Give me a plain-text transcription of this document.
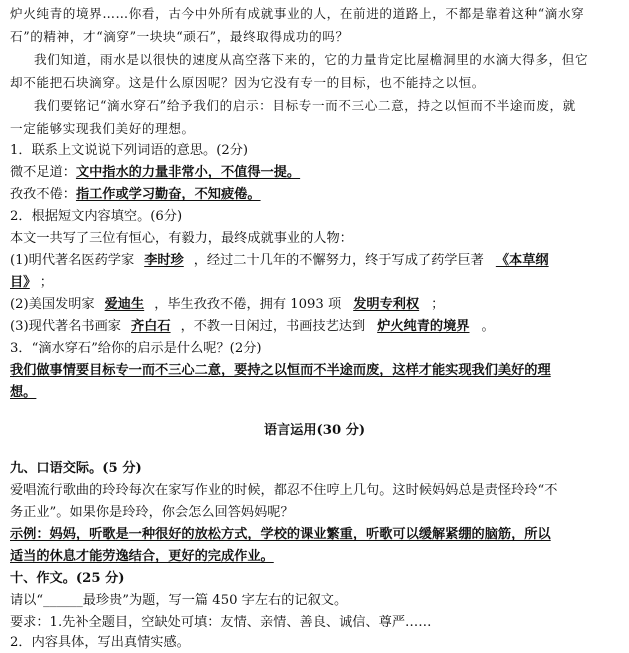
炉火纯青的境界……你看，古今中外所有成就事业的人，在前进的道路上，不都是靠着这种“滴水穿
石”的精神，才“滴穿”一块块“顽石”，最终取得成功的吗？
我们知道，雨水是以很快的速度从高空落下来的，它的力量肯定比屋檐洞里的水滴大得多，但它
却不能把石块滴穿。这是什么原因呢？因为它没有专一的目标，也不能持之以恒。
我们要铭记“滴水穿石”给予我们的启示：目标专一而不三心二意，持之以恒而不半途而废，就
一定能够实现我们美好的理想。
1．联系上文说说下列词语的意思。(2分)
微不足道：文中指水的力量非常小，不值得一提。
孜孜不倦：指工作或学习勤奋，不知疲倦。
2．根据短文内容填空。(6分)
本文一共写了三位有恒心，有毅力，最终成就事业的人物：
(1)明代著名医药学家 李时珍 ，经过二十几年的不懈努力，终于写成了药学巨著 《本草纲
目》 ；
(2)美国发明家 爱迪生 ，毕生孜孜不倦，拥有 1093 项 发明专利权 ；
(3)现代著名书画家 齐白石 ，不教一日闲过，书画技艺达到 炉火纯青的境界 。
3．“滴水穿石”给你的启示是什么呢？(2分)
我们做事情要目标专一而不三心二意，要持之以恒而不半途而废，这样才能实现我们美好的理
想。
语言运用(30 分)
九、口语交际。(5 分)
爱唱流行歌曲的玲玲每次在家写作业的时候，都忍不住哼上几句。这时候妈妈总是责怪玲玲“不
务正业”。如果你是玲玲，你会怎么回答妈妈呢？
示例：妈妈，听歌是一种很好的放松方式，学校的课业繁重，听歌可以缓解紧绷的脑筋，所以
适当的休息才能劳逸结合，更好的完成作业。
十、作文。(25 分)
请以“______最珍贵”为题，写一篇 450 字左右的记叙文。
要求：1.先补全题目，空缺处可填：友情、亲情、善良、诚信、尊严……
2．内容具体，写出真情实感。
